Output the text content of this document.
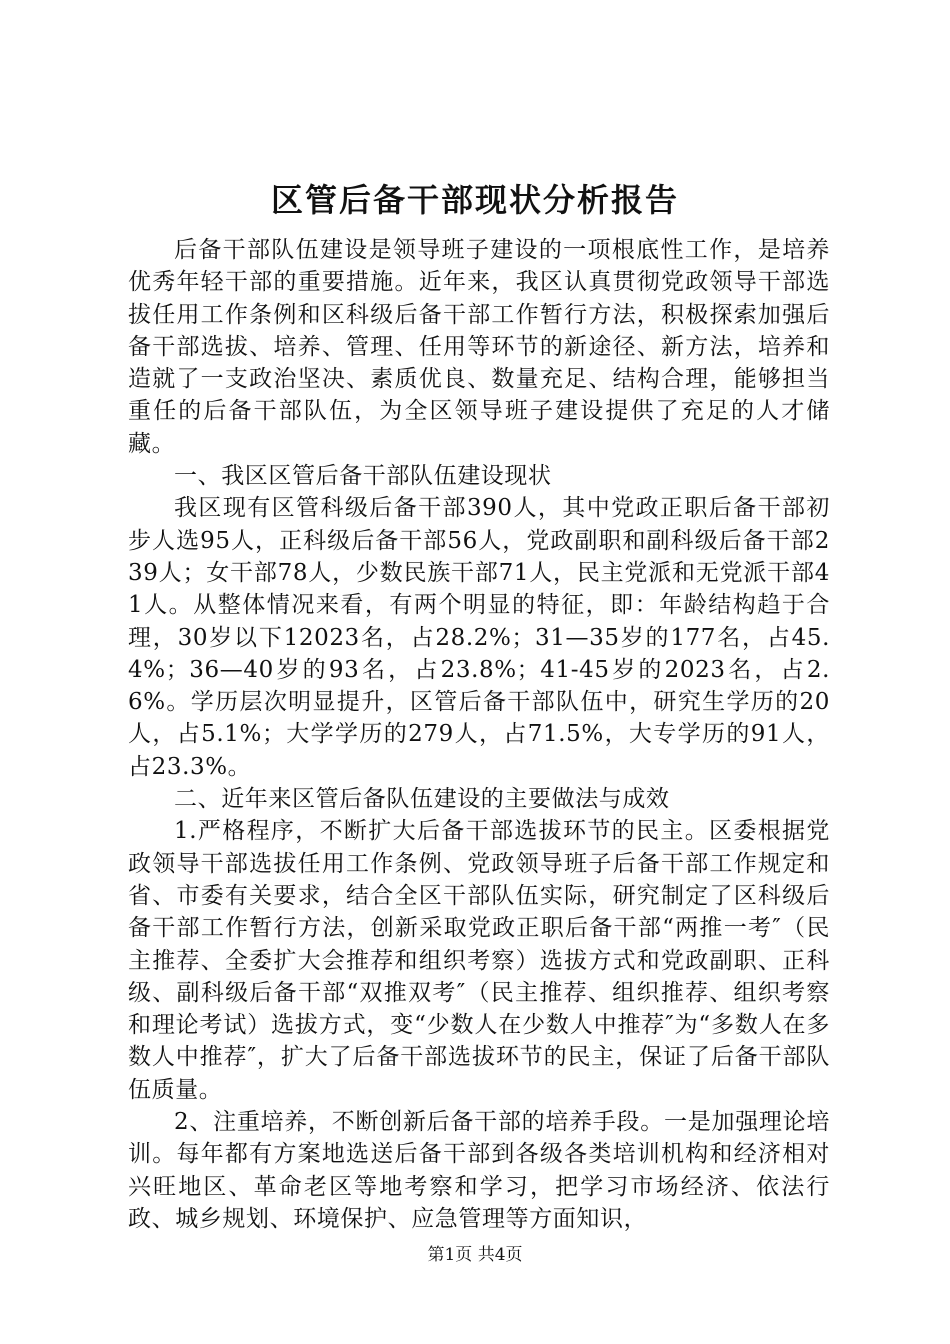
区管后备干部现状分析报告

后备干部队伍建设是领导班子建设的一项根底性工作，是培养优秀年轻干部的重要措施。近年来，我区认真贯彻党政领导干部选拔任用工作条例和区科级后备干部工作暂行方法，积极探索加强后备干部选拔、培养、管理、任用等环节的新途径、新方法，培养和造就了一支政治坚决、素质优良、数量充足、结构合理，能够担当重任的后备干部队伍，为全区领导班子建设提供了充足的人才储藏。

一、我区区管后备干部队伍建设现状

我区现有区管科级后备干部390人，其中党政正职后备干部初步人选95人，正科级后备干部56人，党政副职和副科级后备干部239人；女干部78人，少数民族干部71人，民主党派和无党派干部41人。从整体情况来看，有两个明显的特征，即：年龄结构趋于合理，30岁以下12023名，占28.2%；31—35岁的177名，占45.4%；36—40岁的93名，占23.8%；41-45岁的2023名，占2.6%。学历层次明显提升，区管后备干部队伍中，研究生学历的20人，占5.1%；大学学历的279人，占71.5%，大专学历的91人，占23.3%。

二、近年来区管后备队伍建设的主要做法与成效

1.严格程序，不断扩大后备干部选拔环节的民主。区委根据党政领导干部选拔任用工作条例、党政领导班子后备干部工作规定和省、市委有关要求，结合全区干部队伍实际，研究制定了区科级后备干部工作暂行方法，创新采取党政正职后备干部“两推一考″（民主推荐、全委扩大会推荐和组织考察）选拔方式和党政副职、正科级、副科级后备干部“双推双考″（民主推荐、组织推荐、组织考察和理论考试）选拔方式，变“少数人在少数人中推荐″为“多数人在多数人中推荐″，扩大了后备干部选拔环节的民主，保证了后备干部队伍质量。

2、注重培养，不断创新后备干部的培养手段。一是加强理论培训。每年都有方案地选送后备干部到各级各类培训机构和经济相对兴旺地区、革命老区等地考察和学习，把学习市场经济、依法行政、城乡规划、环境保护、应急管理等方面知识，

第1页 共4页
